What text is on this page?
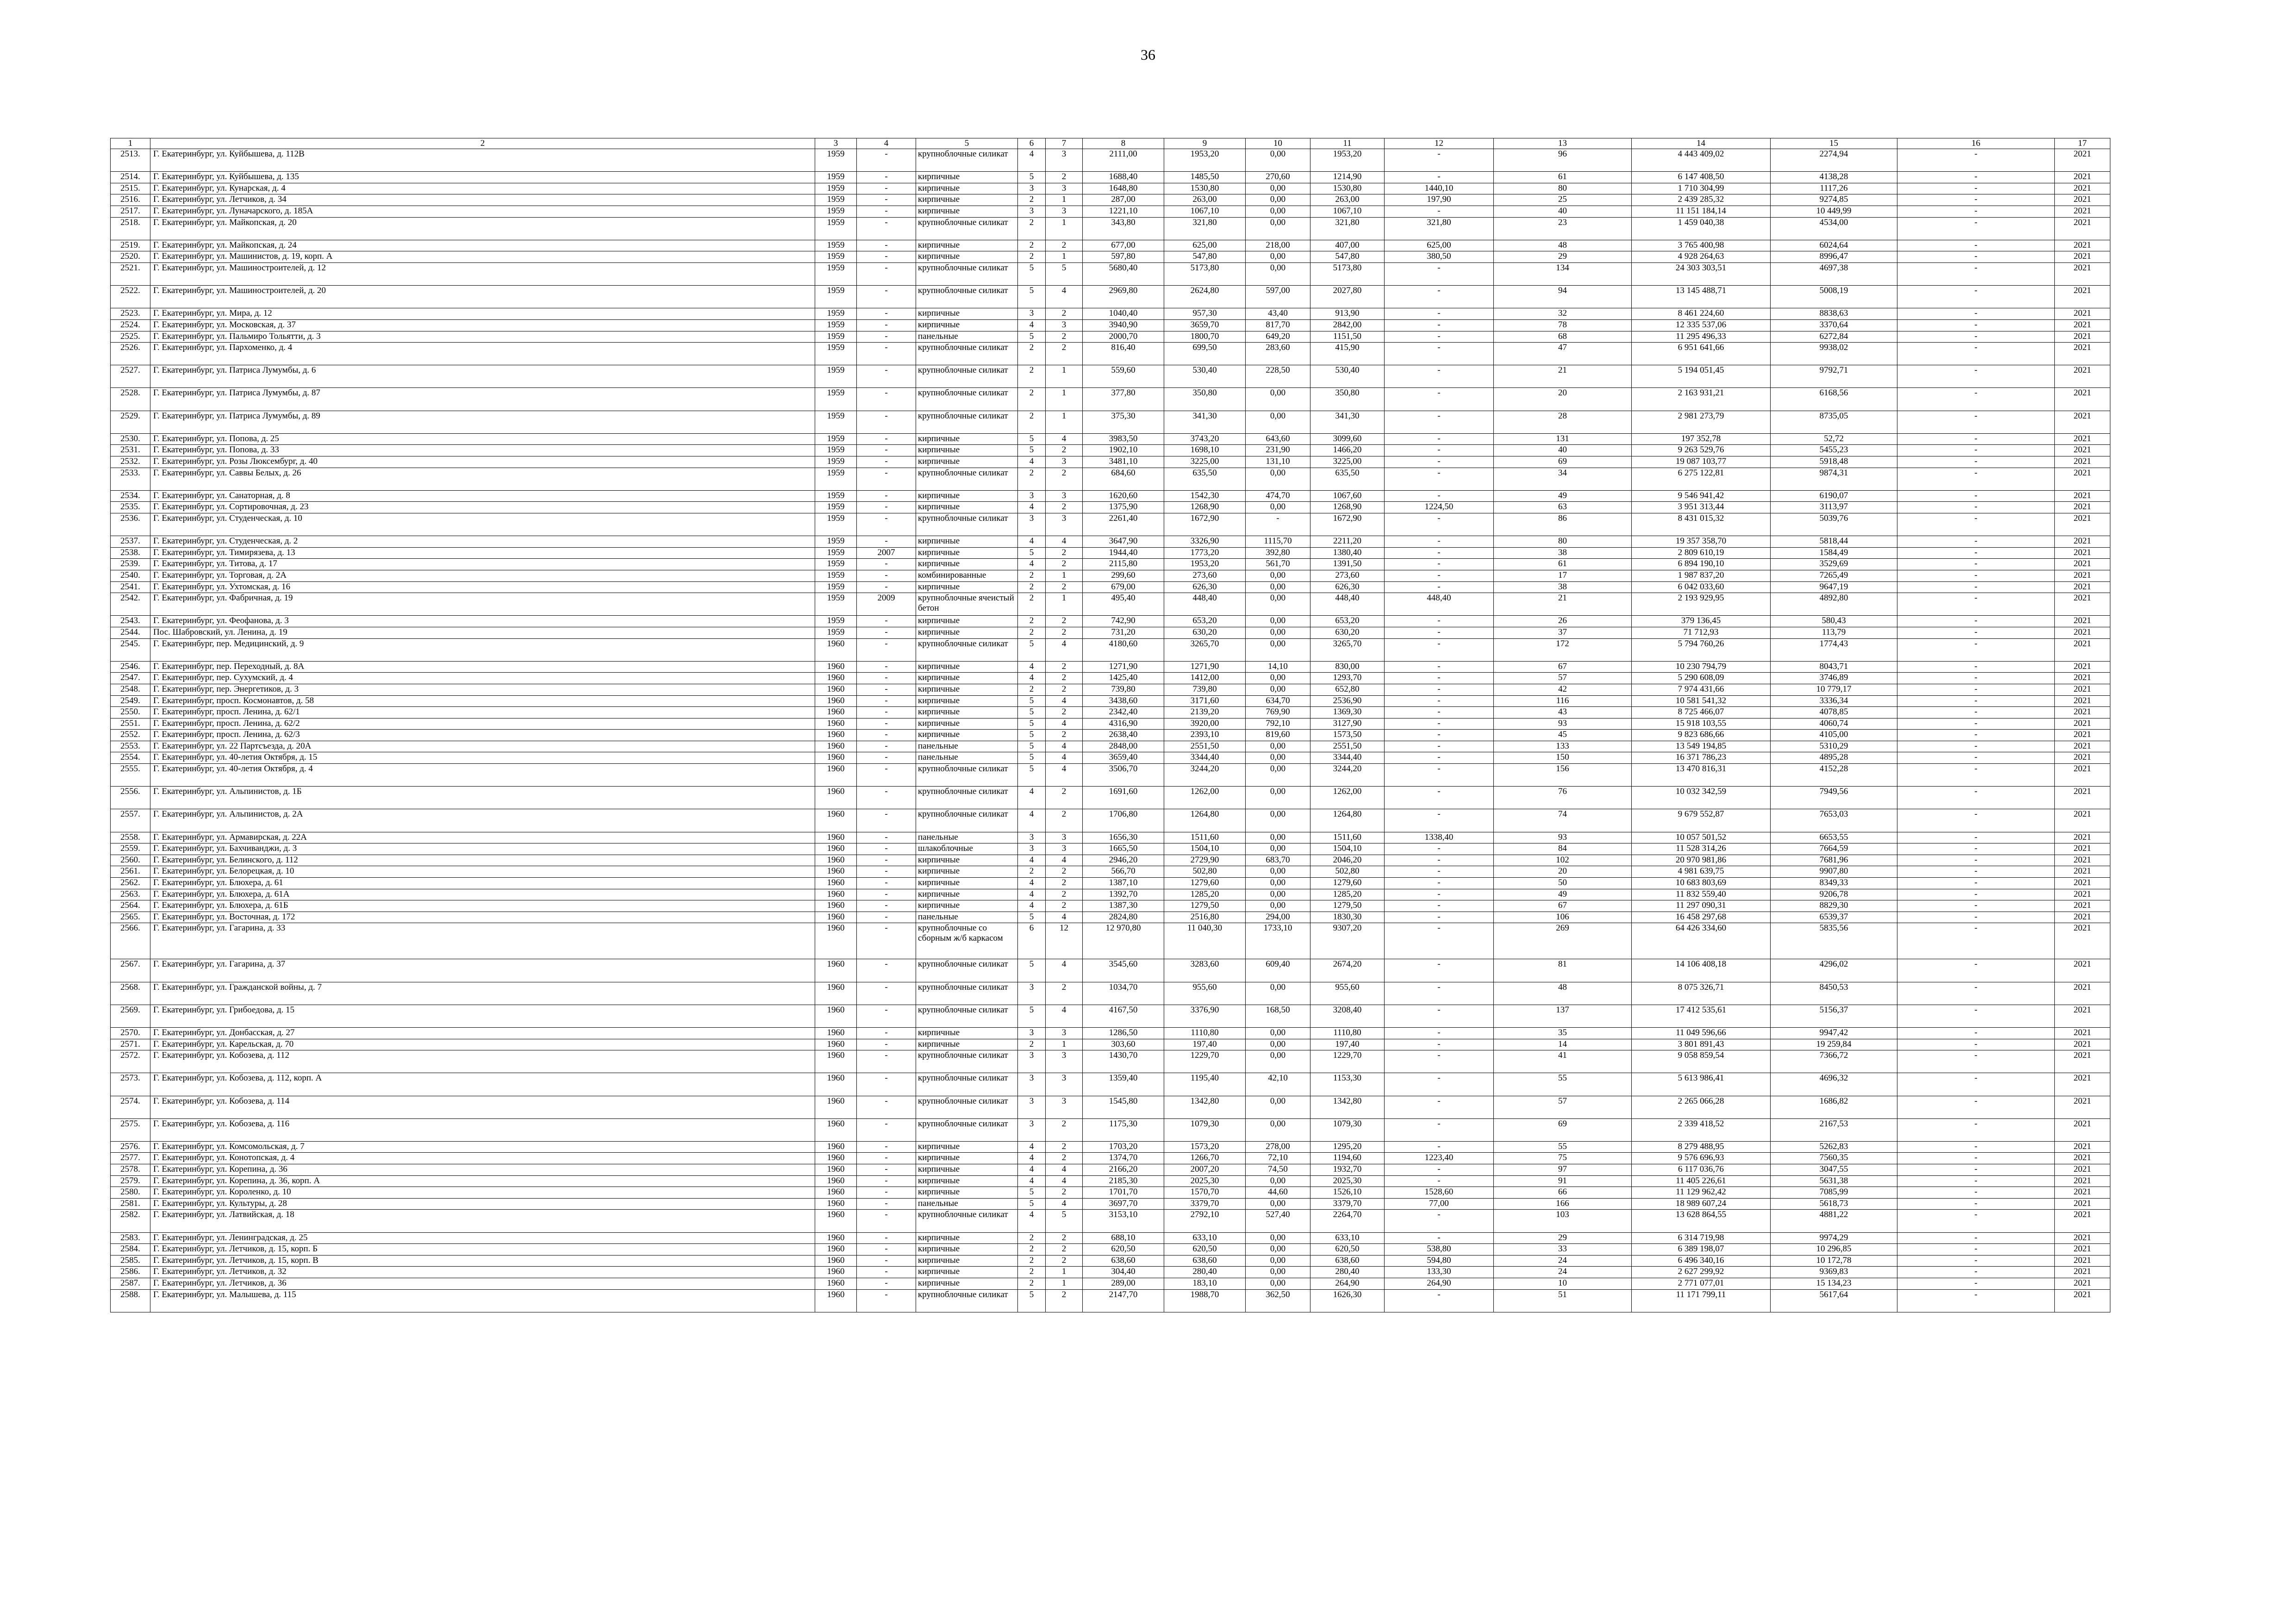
36
1	2	3	4	5	6	7	8	9	10	11	12	13	14	15	16	17
2513.	Г. Екатеринбург, ул. Куйбышева, д. 112В	1959	-	крупноблочные силикат	4	3	2111,00	1953,20	0,00	1953,20	-	96	4 443 409,02	2274,94	-	2021
2514.	Г. Екатеринбург, ул. Куйбышева, д. 135	1959	-	кирпичные	5	2	1688,40	1485,50	270,60	1214,90	-	61	6 147 408,50	4138,28	-	2021
2515.	Г. Екатеринбург, ул. Кунарская, д. 4	1959	-	кирпичные	3	3	1648,80	1530,80	0,00	1530,80	1440,10	80	1 710 304,99	1117,26	-	2021
2516.	Г. Екатеринбург, ул. Летчиков, д. 34	1959	-	кирпичные	2	1	287,00	263,00	0,00	263,00	197,90	25	2 439 285,32	9274,85	-	2021
2517.	Г. Екатеринбург, ул. Луначарского, д. 185А	1959	-	кирпичные	3	3	1221,10	1067,10	0,00	1067,10	-	40	11 151 184,14	10 449,99	-	2021
2518.	Г. Екатеринбург, ул. Майкопская, д. 20	1959	-	крупноблочные силикат	2	1	343,80	321,80	0,00	321,80	321,80	23	1 459 040,38	4534,00	-	2021
2519.	Г. Екатеринбург, ул. Майкопская, д. 24	1959	-	кирпичные	2	2	677,00	625,00	218,00	407,00	625,00	48	3 765 400,98	6024,64	-	2021
2520.	Г. Екатеринбург, ул. Машинистов, д. 19, корп. А	1959	-	кирпичные	2	1	597,80	547,80	0,00	547,80	380,50	29	4 928 264,63	8996,47	-	2021
2521.	Г. Екатеринбург, ул. Машиностроителей, д. 12	1959	-	крупноблочные силикат	5	5	5680,40	5173,80	0,00	5173,80	-	134	24 303 303,51	4697,38	-	2021
2522.	Г. Екатеринбург, ул. Машиностроителей, д. 20	1959	-	крупноблочные силикат	5	4	2969,80	2624,80	597,00	2027,80	-	94	13 145 488,71	5008,19	-	2021
2523.	Г. Екатеринбург, ул. Мира, д. 12	1959	-	кирпичные	3	2	1040,40	957,30	43,40	913,90	-	32	8 461 224,60	8838,63	-	2021
2524.	Г. Екатеринбург, ул. Московская, д. 37	1959	-	кирпичные	4	3	3940,90	3659,70	817,70	2842,00	-	78	12 335 537,06	3370,64	-	2021
2525.	Г. Екатеринбург, ул. Пальмиро Тольятти, д. 3	1959	-	панельные	5	2	2000,70	1800,70	649,20	1151,50	-	68	11 295 496,33	6272,84	-	2021
2526.	Г. Екатеринбург, ул. Пархоменко, д. 4	1959	-	крупноблочные силикат	2	2	816,40	699,50	283,60	415,90	-	47	6 951 641,66	9938,02	-	2021
2527.	Г. Екатеринбург, ул. Патриса Лумумбы, д. 6	1959	-	крупноблочные силикат	2	1	559,60	530,40	228,50	530,40	-	21	5 194 051,45	9792,71	-	2021
2528.	Г. Екатеринбург, ул. Патриса Лумумбы, д. 87	1959	-	крупноблочные силикат	2	1	377,80	350,80	0,00	350,80	-	20	2 163 931,21	6168,56	-	2021
2529.	Г. Екатеринбург, ул. Патриса Лумумбы, д. 89	1959	-	крупноблочные силикат	2	1	375,30	341,30	0,00	341,30	-	28	2 981 273,79	8735,05	-	2021
2530.	Г. Екатеринбург, ул. Попова, д. 25	1959	-	кирпичные	5	4	3983,50	3743,20	643,60	3099,60	-	131	197 352,78	52,72	-	2021
2531.	Г. Екатеринбург, ул. Попова, д. 33	1959	-	кирпичные	5	2	1902,10	1698,10	231,90	1466,20	-	40	9 263 529,76	5455,23	-	2021
2532.	Г. Екатеринбург, ул. Розы Люксембург, д. 40	1959	-	кирпичные	4	3	3481,10	3225,00	131,10	3225,00	-	69	19 087 103,77	5918,48	-	2021
2533.	Г. Екатеринбург, ул. Саввы Белых, д. 26	1959	-	крупноблочные силикат	2	2	684,60	635,50	0,00	635,50	-	34	6 275 122,81	9874,31	-	2021
2534.	Г. Екатеринбург, ул. Санаторная, д. 8	1959	-	кирпичные	3	3	1620,60	1542,30	474,70	1067,60	-	49	9 546 941,42	6190,07	-	2021
2535.	Г. Екатеринбург, ул. Сортировочная, д. 23	1959	-	кирпичные	4	2	1375,90	1268,90	0,00	1268,90	1224,50	63	3 951 313,44	3113,97	-	2021
2536.	Г. Екатеринбург, ул. Студенческая, д. 10	1959	-	крупноблочные силикат	3	3	2261,40	1672,90	-	1672,90	-	86	8 431 015,32	5039,76	-	2021
2537.	Г. Екатеринбург, ул. Студенческая, д. 2	1959	-	кирпичные	4	4	3647,90	3326,90	1115,70	2211,20	-	80	19 357 358,70	5818,44	-	2021
2538.	Г. Екатеринбург, ул. Тимирязева, д. 13	1959	2007	кирпичные	5	2	1944,40	1773,20	392,80	1380,40	-	38	2 809 610,19	1584,49	-	2021
2539.	Г. Екатеринбург, ул. Титова, д. 17	1959	-	кирпичные	4	2	2115,80	1953,20	561,70	1391,50	-	61	6 894 190,10	3529,69	-	2021
2540.	Г. Екатеринбург, ул. Торговая, д. 2А	1959	-	комбинированные	2	1	299,60	273,60	0,00	273,60	-	17	1 987 837,20	7265,49	-	2021
2541.	Г. Екатеринбург, ул. Ухтомская, д. 16	1959	-	кирпичные	2	2	679,00	626,30	0,00	626,30	-	38	6 042 033,60	9647,19	-	2021
2542.	Г. Екатеринбург, ул. Фабричная, д. 19	1959	2009	крупноблочные ячеистый бетон	2	1	495,40	448,40	0,00	448,40	448,40	21	2 193 929,95	4892,80	-	2021
2543.	Г. Екатеринбург, ул. Феофанова, д. 3	1959	-	кирпичные	2	2	742,90	653,20	0,00	653,20	-	26	379 136,45	580,43	-	2021
2544.	Пос. Шабровский, ул. Ленина, д. 19	1959	-	кирпичные	2	2	731,20	630,20	0,00	630,20	-	37	71 712,93	113,79	-	2021
2545.	Г. Екатеринбург, пер. Медицинский, д. 9	1960	-	крупноблочные силикат	5	4	4180,60	3265,70	0,00	3265,70	-	172	5 794 760,26	1774,43	-	2021
2546.	Г. Екатеринбург, пер. Переходный, д. 8А	1960	-	кирпичные	4	2	1271,90	1271,90	14,10	830,00	-	67	10 230 794,79	8043,71	-	2021
2547.	Г. Екатеринбург, пер. Сухумский, д. 4	1960	-	кирпичные	4	2	1425,40	1412,00	0,00	1293,70	-	57	5 290 608,09	3746,89	-	2021
2548.	Г. Екатеринбург, пер. Энергетиков, д. 3	1960	-	кирпичные	2	2	739,80	739,80	0,00	652,80	-	42	7 974 431,66	10 779,17	-	2021
2549.	Г. Екатеринбург, просп. Космонавтов, д. 58	1960	-	кирпичные	5	4	3438,60	3171,60	634,70	2536,90	-	116	10 581 541,32	3336,34	-	2021
2550.	Г. Екатеринбург, просп. Ленина, д. 62/1	1960	-	кирпичные	5	2	2342,40	2139,20	769,90	1369,30	-	43	8 725 466,07	4078,85	-	2021
2551.	Г. Екатеринбург, просп. Ленина, д. 62/2	1960	-	кирпичные	5	4	4316,90	3920,00	792,10	3127,90	-	93	15 918 103,55	4060,74	-	2021
2552.	Г. Екатеринбург, просп. Ленина, д. 62/3	1960	-	кирпичные	5	2	2638,40	2393,10	819,60	1573,50	-	45	9 823 686,66	4105,00	-	2021
2553.	Г. Екатеринбург, ул. 22 Партсъезда, д. 20А	1960	-	панельные	5	4	2848,00	2551,50	0,00	2551,50	-	133	13 549 194,85	5310,29	-	2021
2554.	Г. Екатеринбург, ул. 40-летия Октября, д. 15	1960	-	панельные	5	4	3659,40	3344,40	0,00	3344,40	-	150	16 371 786,23	4895,28	-	2021
2555.	Г. Екатеринбург, ул. 40-летия Октября, д. 4	1960	-	крупноблочные силикат	5	4	3506,70	3244,20	0,00	3244,20	-	156	13 470 816,31	4152,28	-	2021
2556.	Г. Екатеринбург, ул. Альпинистов, д. 1Б	1960	-	крупноблочные силикат	4	2	1691,60	1262,00	0,00	1262,00	-	76	10 032 342,59	7949,56	-	2021
2557.	Г. Екатеринбург, ул. Альпинистов, д. 2А	1960	-	крупноблочные силикат	4	2	1706,80	1264,80	0,00	1264,80	-	74	9 679 552,87	7653,03	-	2021
2558.	Г. Екатеринбург, ул. Армавирская, д. 22А	1960	-	панельные	3	3	1656,30	1511,60	0,00	1511,60	1338,40	93	10 057 501,52	6653,55	-	2021
2559.	Г. Екатеринбург, ул. Бахчиванджи, д. 3	1960	-	шлакоблочные	3	3	1665,50	1504,10	0,00	1504,10	-	84	11 528 314,26	7664,59	-	2021
2560.	Г. Екатеринбург, ул. Белинского, д. 112	1960	-	кирпичные	4	4	2946,20	2729,90	683,70	2046,20	-	102	20 970 981,86	7681,96	-	2021
2561.	Г. Екатеринбург, ул. Белорецкая, д. 10	1960	-	кирпичные	2	2	566,70	502,80	0,00	502,80	-	20	4 981 639,75	9907,80	-	2021
2562.	Г. Екатеринбург, ул. Блюхера, д. 61	1960	-	кирпичные	4	2	1387,10	1279,60	0,00	1279,60	-	50	10 683 803,69	8349,33	-	2021
2563.	Г. Екатеринбург, ул. Блюхера, д. 61А	1960	-	кирпичные	4	2	1392,70	1285,20	0,00	1285,20	-	49	11 832 559,40	9206,78	-	2021
2564.	Г. Екатеринбург, ул. Блюхера, д. 61Б	1960	-	кирпичные	4	2	1387,30	1279,50	0,00	1279,50	-	67	11 297 090,31	8829,30	-	2021
2565.	Г. Екатеринбург, ул. Восточная, д. 172	1960	-	панельные	5	4	2824,80	2516,80	294,00	1830,30	-	106	16 458 297,68	6539,37	-	2021
2566.	Г. Екатеринбург, ул. Гагарина, д. 33	1960	-	крупноблочные со сборным ж/б каркасом	6	12	12 970,80	11 040,30	1733,10	9307,20	-	269	64 426 334,60	5835,56	-	2021
2567.	Г. Екатеринбург, ул. Гагарина, д. 37	1960	-	крупноблочные силикат	5	4	3545,60	3283,60	609,40	2674,20	-	81	14 106 408,18	4296,02	-	2021
2568.	Г. Екатеринбург, ул. Гражданской войны, д. 7	1960	-	крупноблочные силикат	3	2	1034,70	955,60	0,00	955,60	-	48	8 075 326,71	8450,53	-	2021
2569.	Г. Екатеринбург, ул. Грибоедова, д. 15	1960	-	крупноблочные силикат	5	4	4167,50	3376,90	168,50	3208,40	-	137	17 412 535,61	5156,37	-	2021
2570.	Г. Екатеринбург, ул. Донбасская, д. 27	1960	-	кирпичные	3	3	1286,50	1110,80	0,00	1110,80	-	35	11 049 596,66	9947,42	-	2021
2571.	Г. Екатеринбург, ул. Карельская, д. 70	1960	-	кирпичные	2	1	303,60	197,40	0,00	197,40	-	14	3 801 891,43	19 259,84	-	2021
2572.	Г. Екатеринбург, ул. Кобозева, д. 112	1960	-	крупноблочные силикат	3	3	1430,70	1229,70	0,00	1229,70	-	41	9 058 859,54	7366,72	-	2021
2573.	Г. Екатеринбург, ул. Кобозева, д. 112, корп. А	1960	-	крупноблочные силикат	3	3	1359,40	1195,40	42,10	1153,30	-	55	5 613 986,41	4696,32	-	2021
2574.	Г. Екатеринбург, ул. Кобозева, д. 114	1960	-	крупноблочные силикат	3	3	1545,80	1342,80	0,00	1342,80	-	57	2 265 066,28	1686,82	-	2021
2575.	Г. Екатеринбург, ул. Кобозева, д. 116	1960	-	крупноблочные силикат	3	2	1175,30	1079,30	0,00	1079,30	-	69	2 339 418,52	2167,53	-	2021
2576.	Г. Екатеринбург, ул. Комсомольская, д. 7	1960	-	кирпичные	4	2	1703,20	1573,20	278,00	1295,20	-	55	8 279 488,95	5262,83	-	2021
2577.	Г. Екатеринбург, ул. Конотопская, д. 4	1960	-	кирпичные	4	2	1374,70	1266,70	72,10	1194,60	1223,40	75	9 576 696,93	7560,35	-	2021
2578.	Г. Екатеринбург, ул. Корепина, д. 36	1960	-	кирпичные	4	4	2166,20	2007,20	74,50	1932,70	-	97	6 117 036,76	3047,55	-	2021
2579.	Г. Екатеринбург, ул. Корепина, д. 36, корп. А	1960	-	кирпичные	4	4	2185,30	2025,30	0,00	2025,30	-	91	11 405 226,61	5631,38	-	2021
2580.	Г. Екатеринбург, ул. Короленко, д. 10	1960	-	кирпичные	5	2	1701,70	1570,70	44,60	1526,10	1528,60	66	11 129 962,42	7085,99	-	2021
2581.	Г. Екатеринбург, ул. Культуры, д. 28	1960	-	панельные	5	4	3697,70	3379,70	0,00	3379,70	77,00	166	18 989 607,24	5618,73	-	2021
2582.	Г. Екатеринбург, ул. Латвийская, д. 18	1960	-	крупноблочные силикат	4	5	3153,10	2792,10	527,40	2264,70	-	103	13 628 864,55	4881,22	-	2021
2583.	Г. Екатеринбург, ул. Ленинградская, д. 25	1960	-	кирпичные	2	2	688,10	633,10	0,00	633,10	-	29	6 314 719,98	9974,29	-	2021
2584.	Г. Екатеринбург, ул. Летчиков, д. 15, корп. Б	1960	-	кирпичные	2	2	620,50	620,50	0,00	620,50	538,80	33	6 389 198,07	10 296,85	-	2021
2585.	Г. Екатеринбург, ул. Летчиков, д. 15, корп. В	1960	-	кирпичные	2	2	638,60	638,60	0,00	638,60	594,80	24	6 496 340,16	10 172,78	-	2021
2586.	Г. Екатеринбург, ул. Летчиков, д. 32	1960	-	кирпичные	2	1	304,40	280,40	0,00	280,40	133,30	24	2 627 299,92	9369,83	-	2021
2587.	Г. Екатеринбург, ул. Летчиков, д. 36	1960	-	кирпичные	2	1	289,00	183,10	0,00	264,90	264,90	10	2 771 077,01	15 134,23	-	2021
2588.	Г. Екатеринбург, ул. Малышева, д. 115	1960	-	крупноблочные силикат	5	2	2147,70	1988,70	362,50	1626,30	-	51	11 171 799,11	5617,64	-	2021
